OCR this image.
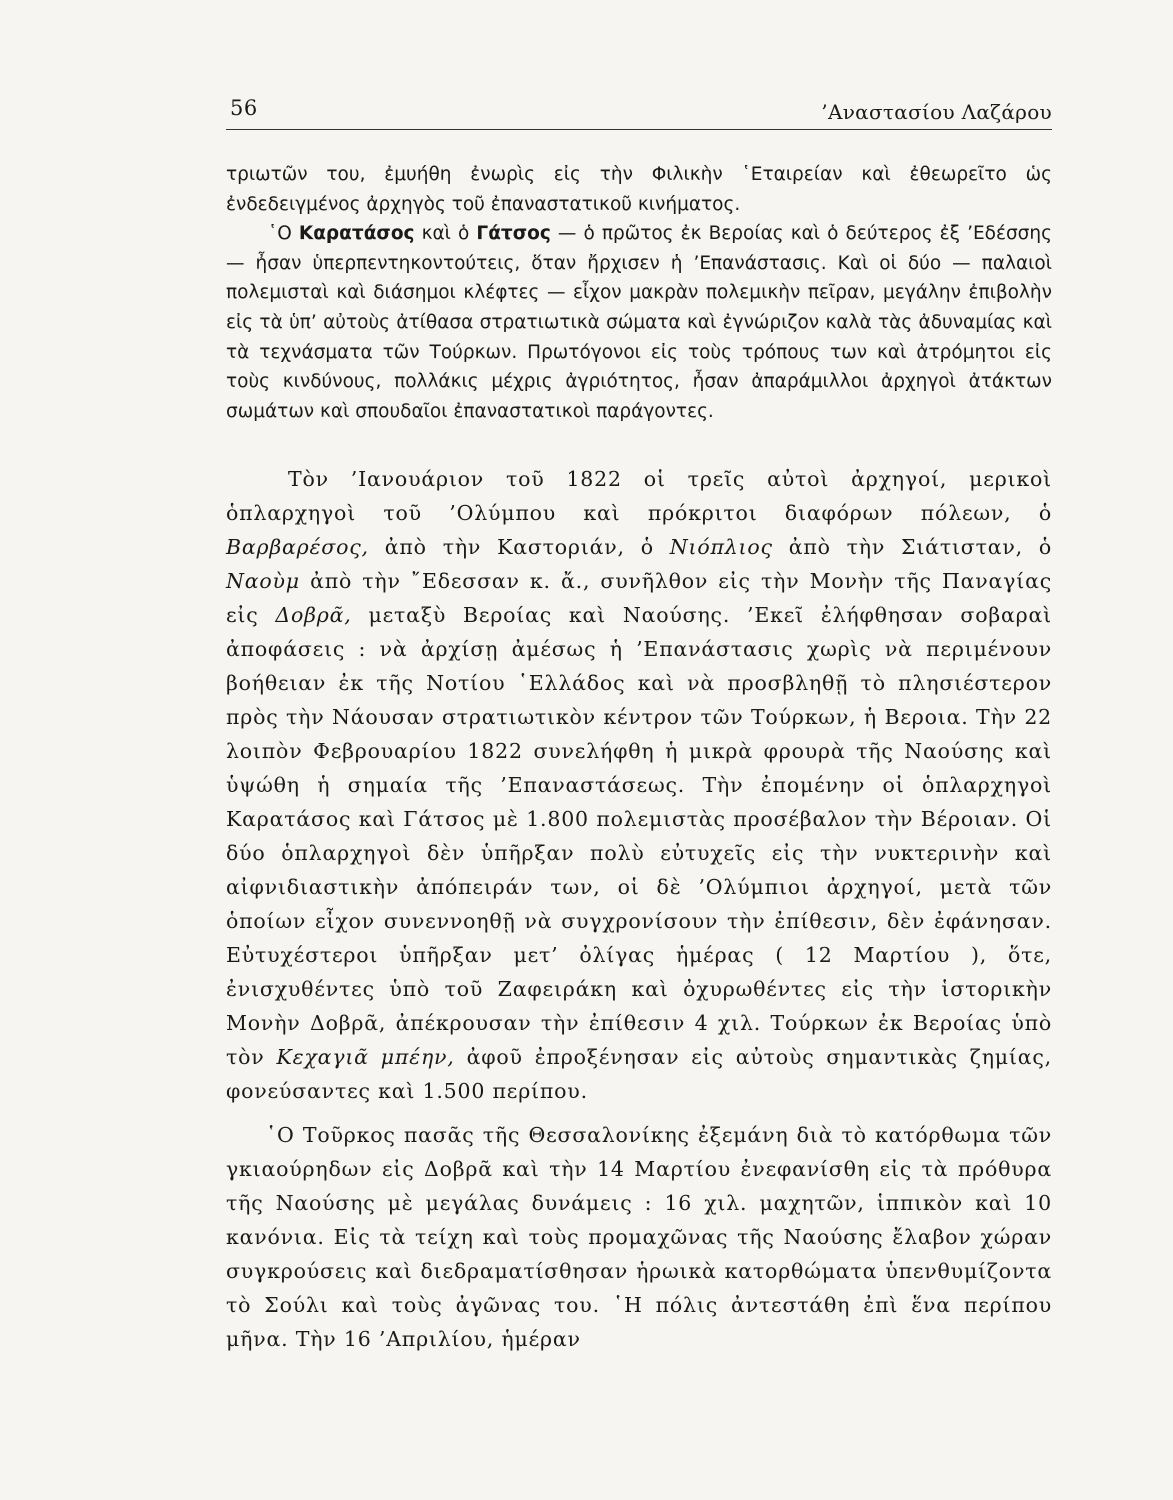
56	’Αναστασίου Λαζάρου

τριωτῶν του, ἐμυήθη ἐνωρὶς εἰς τὴν Φιλικὴν ῾Εταιρείαν καὶ ἐθεωρεῖτο ὡς ἐνδεδειγμένος ἀρχηγὸς τοῦ ἐπαναστατικοῦ κινήματος.

῾Ο Καρατάσος καὶ ὁ Γάτσος — ὁ πρῶτος ἐκ Βεροίας καὶ ὁ δεύτερος ἐξ ’Εδέσσης — ἦσαν ὑπερπεντηκοντούτεις, ὅταν ἤρχισεν ἡ ’Επανάστασις. Καὶ οἱ δύο — παλαιοὶ πολεμισταὶ καὶ διάσημοι κλέφτες — εἶχον μακρὰν πολεμικὴν πεῖραν, μεγάλην ἐπιβολὴν εἰς τὰ ὑπ’ αὐτοὺς ἀτίθασα στρατιωτικὰ σώματα καὶ ἐγνώριζον καλὰ τὰς ἀδυναμίας καὶ τὰ τεχνάσματα τῶν Τούρκων. Πρωτόγονοι εἰς τοὺς τρόπους των καὶ ἀτρόμητοι εἰς τοὺς κινδύνους, πολλάκις μέχρις ἀγριότητος, ἦσαν ἀπαράμιλλοι ἀρχηγοὶ ἀτάκτων σωμάτων καὶ σπουδαῖοι ἐπαναστατικοὶ παράγοντες.

Τὸν ’Ιανουάριον τοῦ 1822 οἱ τρεῖς αὐτοὶ ἀρχηγοί, μερικοὶ ὁπλαρχηγοὶ τοῦ ’Ολύμπου καὶ πρόκριτοι διαφόρων πόλεων, ὁ Βαρβαρέσος, ἀπὸ τὴν Καστοριάν, ὁ Νιόπλιος ἀπὸ τὴν Σιάτισταν, ὁ Ναοὺμ ἀπὸ τὴν ῎Εδεσσαν κ. ἄ., συνῆλθον εἰς τὴν Μονὴν τῆς Παναγίας εἰς Δοβρᾶ, μεταξὺ Βεροίας καὶ Ναούσης. ’Εκεῖ ἐλήφθησαν σοβαραὶ ἀποφάσεις : νὰ ἀρχίσῃ ἀμέσως ἡ ’Επανάστασις χωρὶς νὰ περιμένουν βοήθειαν ἐκ τῆς Νοτίου ῾Ελλάδος καὶ νὰ προσβληθῇ τὸ πλησιέστερον πρὸς τὴν Νάουσαν στρατιωτικὸν κέντρον τῶν Τούρκων, ἡ Βεροια. Τὴν 22 λοιπὸν Φεβρουαρίου 1822 συνελήφθη ἡ μικρὰ φρουρὰ τῆς Ναούσης καὶ ὑψώθη ἡ σημαία τῆς ’Επαναστάσεως. Τὴν ἐπομένην οἱ ὁπλαρχηγοὶ Καρατάσος καὶ Γάτσος μὲ 1.800 πολεμιστὰς προσέβαλον τὴν Βέροιαν. Οἱ δύο ὁπλαρχηγοὶ δὲν ὑπῆρξαν πολὺ εὐτυχεῖς εἰς τὴν νυκτερινὴν καὶ αἰφνιδιαστικὴν ἀπόπειράν των, οἱ δὲ ’Ολύμπιοι ἀρχηγοί, μετὰ τῶν ὁποίων εἶχον συνεννοηθῇ νὰ συγχρονίσουν τὴν ἐπίθεσιν, δὲν ἐφάνησαν. Εὐτυχέστεροι ὑπῆρξαν μετ’ ὀλίγας ἡμέρας ( 12 Μαρτίου ), ὅτε, ἐνισχυθέντες ὑπὸ τοῦ Ζαφειράκη καὶ ὀχυρωθέντες εἰς τὴν ἱστορικὴν Μονὴν Δοβρᾶ, ἀπέκρουσαν τὴν ἐπίθεσιν 4 χιλ. Τούρκων ἐκ Βεροίας ὑπὸ τὸν Κεχαγιᾶ μπέην, ἀφοῦ ἐπροξένησαν εἰς αὐτοὺς σημαντικὰς ζημίας, φονεύσαντες καὶ 1.500 περίπου.

῾Ο Τοῦρκος πασᾶς τῆς Θεσσαλονίκης ἐξεμάνη διὰ τὸ κατόρθωμα τῶν γκιαούρηδων εἰς Δοβρᾶ καὶ τὴν 14 Μαρτίου ἐνεφανίσθη εἰς τὰ πρόθυρα τῆς Ναούσης μὲ μεγάλας δυνάμεις : 16 χιλ. μαχητῶν, ἱππικὸν καὶ 10 κανόνια. Εἰς τὰ τείχη καὶ τοὺς προμαχῶνας τῆς Ναούσης ἔλαβον χώραν συγκρούσεις καὶ διεδραματίσθησαν ἡρωικὰ κατορθώματα ὑπενθυμίζοντα τὸ Σούλι καὶ τοὺς ἀγῶνας του. ῾Η πόλις ἀντεστάθη ἐπὶ ἕνα περίπου μῆνα. Τὴν 16 ’Απριλίου, ἡμέραν
